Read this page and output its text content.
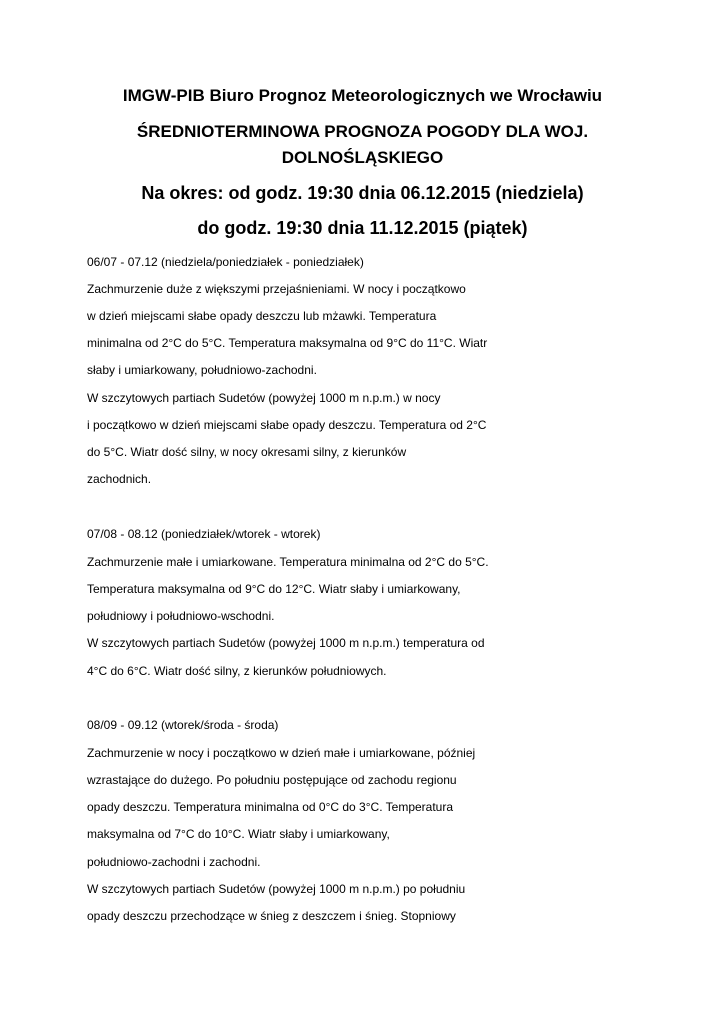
IMGW-PIB Biuro Prognoz Meteorologicznych we Wrocławiu
ŚREDNIOTERMINOWA PROGNOZA POGODY DLA WOJ.
DOLNOŚLĄSKIEGO
Na okres: od godz. 19:30 dnia 06.12.2015 (niedziela)
do godz. 19:30 dnia 11.12.2015 (piątek)
06/07 - 07.12 (niedziela/poniedziałek - poniedziałek)
Zachmurzenie duże z większymi przejaśnieniami. W nocy i początkowo
w dzień miejscami słabe opady deszczu lub mżawki. Temperatura
minimalna od 2°C do 5°C. Temperatura maksymalna od 9°C do 11°C. Wiatr
słaby i umiarkowany, południowo-zachodni.
W szczytowych partiach Sudetów (powyżej 1000 m n.p.m.) w nocy
i początkowo w dzień miejscami słabe opady deszczu. Temperatura od 2°C
do 5°C. Wiatr dość silny, w nocy okresami silny, z kierunków
zachodnich.
07/08 - 08.12 (poniedziałek/wtorek - wtorek)
Zachmurzenie małe i umiarkowane. Temperatura minimalna od 2°C do 5°C.
Temperatura maksymalna od 9°C do 12°C. Wiatr słaby i umiarkowany,
południowy i południowo-wschodni.
W szczytowych partiach Sudetów (powyżej 1000 m n.p.m.) temperatura od
4°C do 6°C. Wiatr dość silny, z kierunków południowych.
08/09 - 09.12 (wtorek/środa - środa)
Zachmurzenie w nocy i początkowo w dzień małe i umiarkowane, później
wzrastające do dużego. Po południu postępujące od zachodu regionu
opady deszczu. Temperatura minimalna od 0°C do 3°C. Temperatura
maksymalna od 7°C do 10°C. Wiatr słaby i umiarkowany,
południowo-zachodni i zachodni.
W szczytowych partiach Sudetów (powyżej 1000 m n.p.m.) po południu
opady deszczu przechodzące w śnieg z deszczem i śnieg. Stopniowy
